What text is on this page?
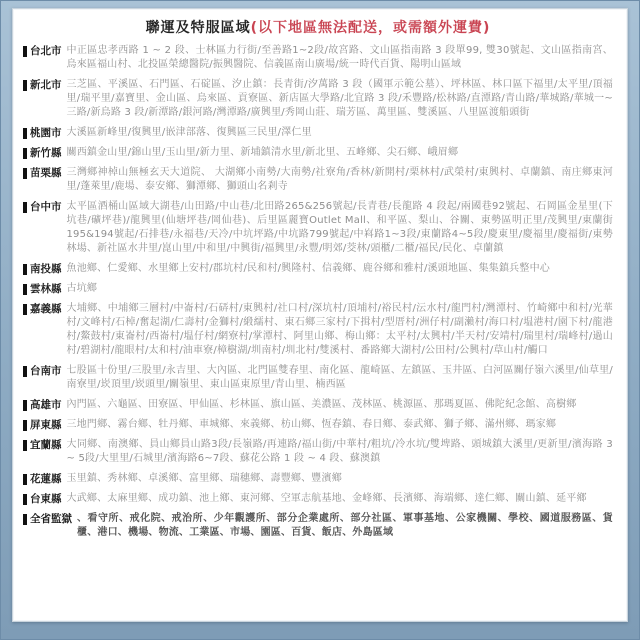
聯運及特服區域(以下地區無法配送，或需額外運費)
台北市 中正區忠孝西路 1 ~ 2 段、士林區力行街/至善路1~2段/故宮路、文山區指南路 3 段單99, 雙30號起、文山區指南宮、烏來區福山村、北投區榮總醫院/振興醫院、信義區南山廣場/統一時代百貨、陽明山區域

新北市 三芝區、平溪區、石門區、石碇區、汐止鎮：長青街/汐萬路 3 段（國軍示範公墓）、坪林區、林口區下福里/太平里/頂福里/瑞平里/嘉寶里、金山區、烏來區、貢寮區、新店區大學路/北宜路 3 段/禾豐路/松林路/直潭路/青山路/華城路/華城一~三路/新烏路 3 段/新潭路/銀河路/灣潭路/廣興里/秀岡山莊、瑞芳區、萬里區、雙溪區、八里區渡船頭街

桃園市 大溪區新峰里/復興里/嵌津部落、復興區三民里/澤仁里

新竹縣 關西鎮金山里/錦山里/玉山里/新力里、新埔鎮清水里/新北里、五峰鄉、尖石鄉、峨眉鄉

苗栗縣 三灣鄉神棹山無極玄天大道院、 大湖鄉小南勢/大南勢/社寮角/香林/新開村/栗林村/武榮村/東興村、卓蘭鎮、南庄鄉東河里/蓬萊里/鹿場、泰安鄉、獅潭鄉、獅頭山名剎寺

台中市 太平區酒桶山區域大湖巷/山田路/中山巷/北田路265&256號起/長青巷/長龍路 4 段起/兩國巷92號起、石岡區金星里(下坑巷/礦坪巷)/龍興里(仙塘坪巷/岡仙巷)、后里區麗寶Outlet Mall、和平區、梨山、谷關、東勢區明正里/茂興里/東蘭街195&194號起/石排巷/永福巷/天冷/中坑坪路/中坑路799號起/中嵙路1~3段/東蘭路4~5段/慶東里/慶福里/慶福街/東勢林場、新社區水井里/崑山里/中和里/中興街/福興里/永豐/明郊/茭林/頭櫃/二櫃/福民/民化、卓蘭鎮

南投縣 魚池鄉、仁愛鄉、水里鄉上安村/郡坑村/民和村/興隆村、信義鄉、鹿谷鄉和雅村/溪頭地區、集集鎮兵整中心

雲林縣 古坑鄉

嘉義縣 大埔鄉、中埔鄉三層村/中崙村/石硦村/東興村/社口村/深坑村/頂埔村/裕民村/沄水村/龍門村/灣潭村、竹崎鄉中和村/光華村/文峰村/石棹/奮起湖/仁壽村/金獅村/緞繻村、東石鄉三家村/下揖村/型厝村/洲仔村/副瀨村/海口村/塭港村/園下村/龍港村/鰲鼓村/東崙村/西崙村/塭仔村/網寮村/掌潭村、阿里山鄉、梅山鄉：太平村/太興村/半天村/安靖村/瑞里村/瑞峰村/過山村/碧湖村/龍眼村/太和村/油車寮/樟樹湖/圳南村/圳北村/雙溪村、番路鄉大湖村/公田村/公興村/草山村/觸口

台南市 七股區十份里/三股里/永吉里、大內區、北門區雙春里、南化區、龍崎區、左鎮區、玉井區、白河區關仔嶺六溪里/仙草里/南寮里/崁頂里/崁頭里/關嶺里、東山區東原里/青山里、楠西區

高雄市 內門區、六龜區、田寮區、甲仙區、杉林區、旗山區、美濃區、茂林區、桃源區、那瑪夏區、佛陀紀念館、高樹鄉

屏東縣 三地門鄉、霧台鄉、牡丹鄉、車城鄉、來義鄉、枋山鄉、恆春鎮、春日鄉、泰武鄉、獅子鄉、滿州鄉、瑪家鄉

宜蘭縣 大同鄉、南澳鄉、員山鄉員山路3段/長嶺路/再連路/福山街/中華村/粗坑/冷水坑/雙埤路、頭城鎮大溪里/更新里/濱海路 3 ~ 5段/大里里/石城里/濱海路6~7段、蘇花公路 1 段 ~ 4 段、蘇澳鎮

花蓮縣 玉里鎮、秀林鄉、卓溪鄉、富里鄉、瑞穗鄉、壽豐鄉、豐濱鄉

台東縣 大武鄉、太麻里鄉、成功鎮、池上鄉、東河鄉、空軍志航基地、金峰鄉、長濱鄉、海端鄉、達仁鄉、關山鎮、延平鄉

全省監獄 、看守所、戒化院、戒治所、少年觀護所、部分企業處所、部分社區、軍事基地、公家機關、學校、國道服務區、貨櫃、港口、機場、物流、工業區、市場、園區、百貨、飯店、外島區域
